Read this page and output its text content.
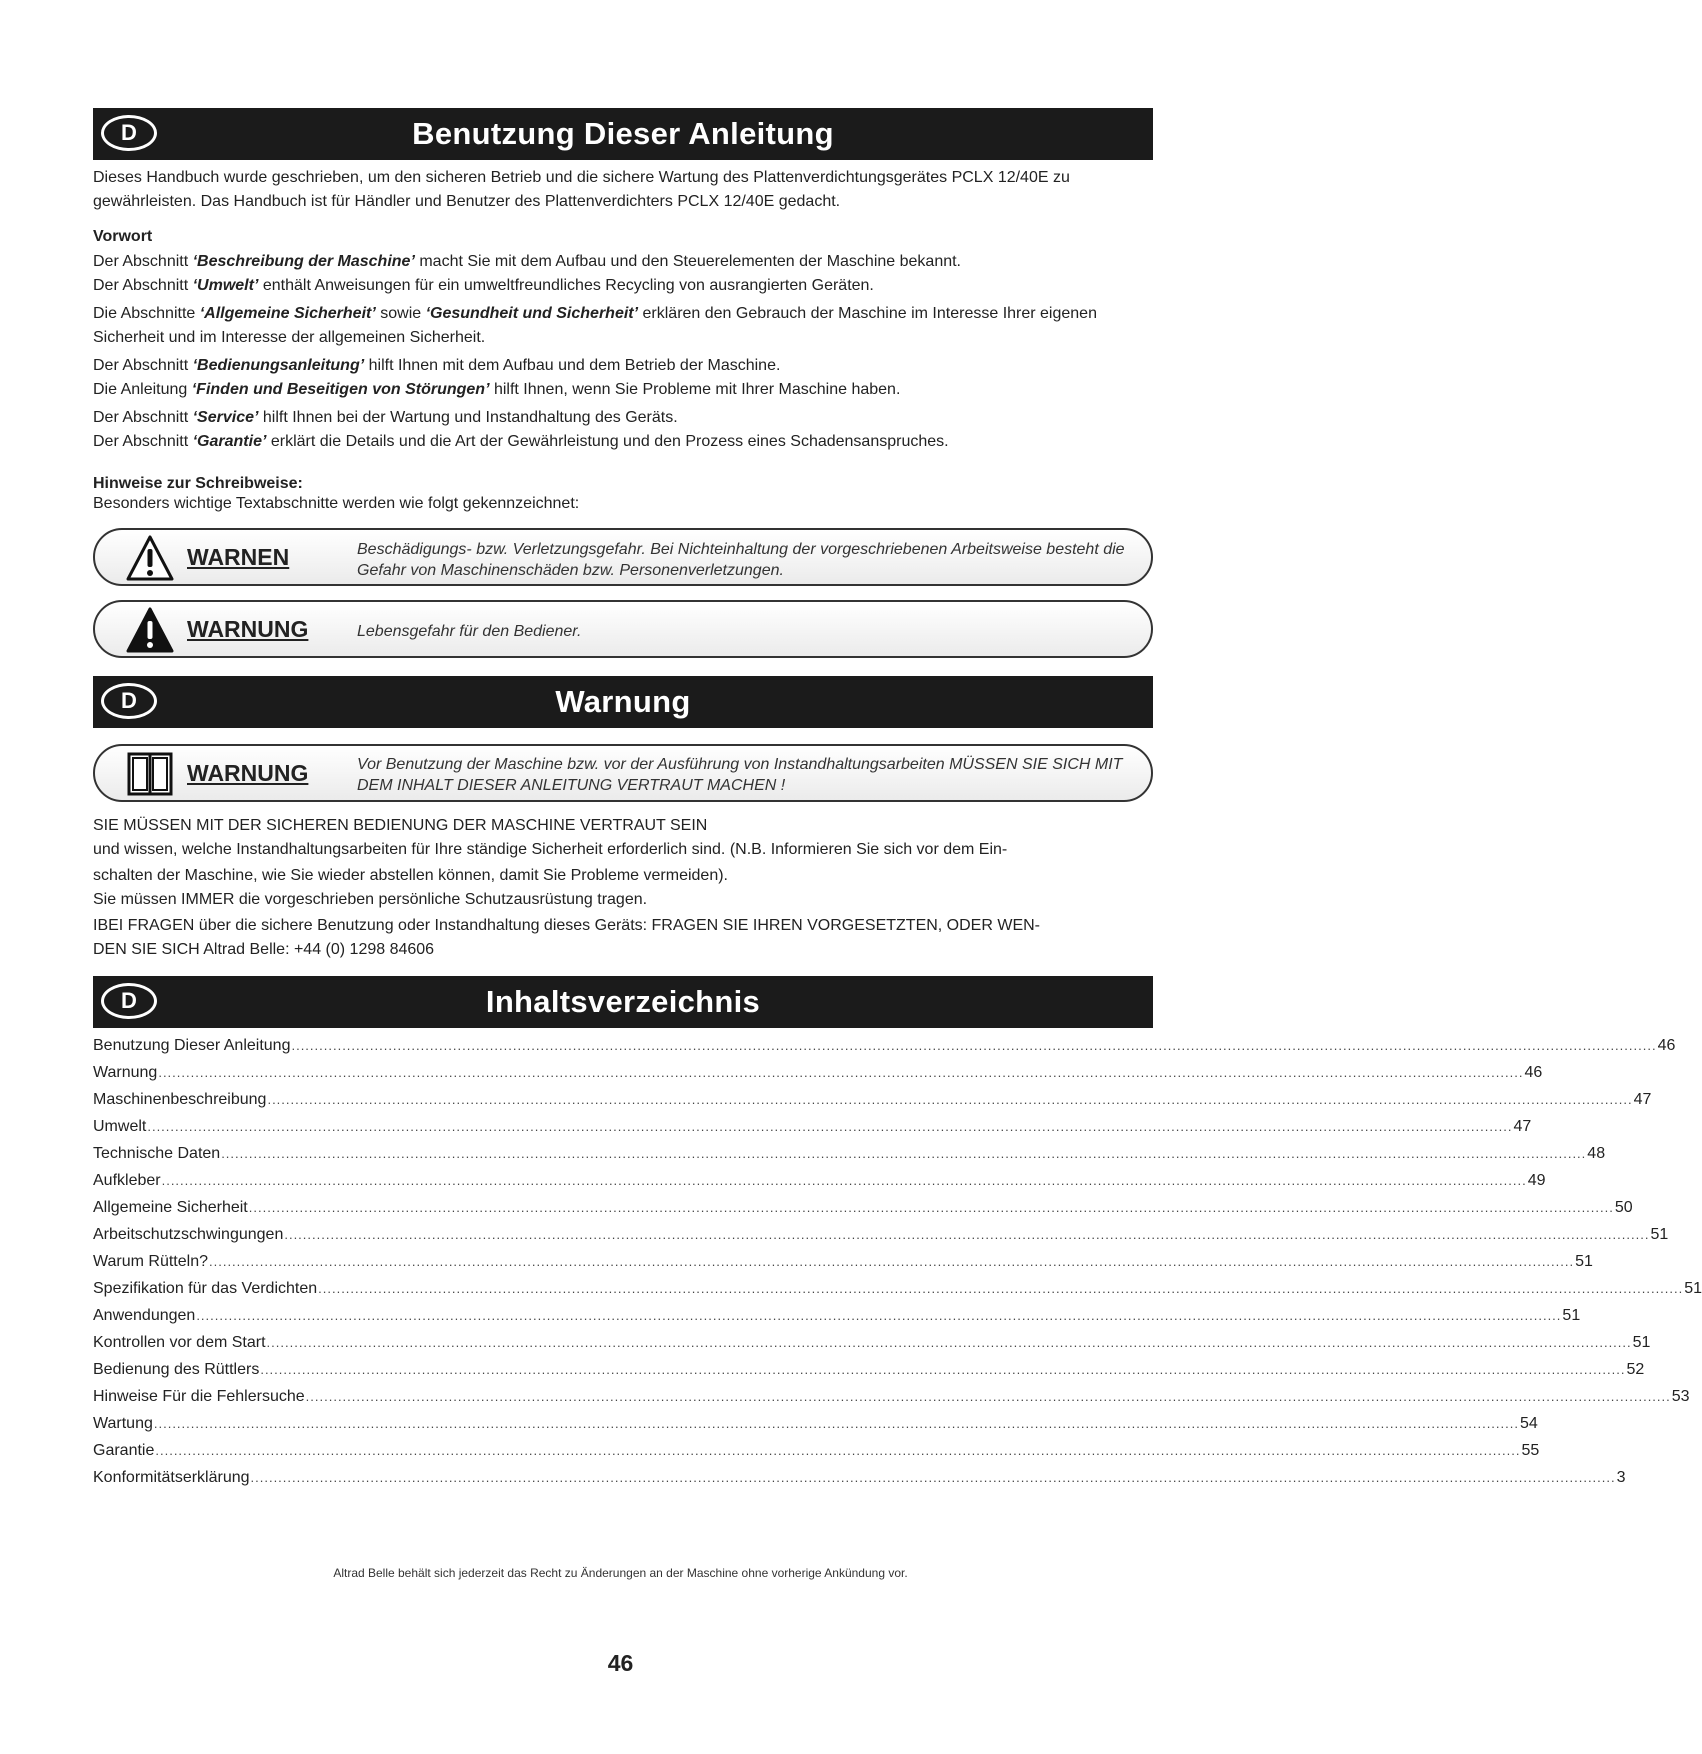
D	Benutzung Dieser Anleitung

Dieses Handbuch wurde geschrieben, um den sicheren Betrieb und die sichere Wartung des Plattenverdichtungsgerätes PCLX 12/40E zu gewährleisten. Das Handbuch ist für Händler und Benutzer des Plattenverdichters PCLX 12/40E gedacht.

Vorwort
Der Abschnitt ‘Beschreibung der Maschine’ macht Sie mit dem Aufbau und den Steuerelementen der Maschine bekannt.
Der Abschnitt ‘Umwelt’ enthält Anweisungen für ein umweltfreundliches Recycling von ausrangierten Geräten.
Die Abschnitte ‘Allgemeine Sicherheit’ sowie ‘Gesundheit und Sicherheit’ erklären den Gebrauch der Maschine im Interesse Ihrer eigenen Sicherheit und im Interesse der allgemeinen Sicherheit.
Der Abschnitt ‘Bedienungsanleitung’ hilft Ihnen mit dem Aufbau und dem Betrieb der Maschine.
Die Anleitung ‘Finden und Beseitigen von Störungen’ hilft Ihnen, wenn Sie Probleme mit Ihrer Maschine haben.
Der Abschnitt ‘Service’ hilft Ihnen bei der Wartung und Instandhaltung des Geräts.
Der Abschnitt ‘Garantie’ erklärt die Details und die Art der Gewährleistung und den Prozess eines Schadensanspruches.
Hinweise zur Schreibweise:
Besonders wichtige Textabschnitte werden wie folgt gekennzeichnet:
WARNEN	Beschädigungs- bzw. Verletzungsgefahr. Bei Nichteinhaltung der vorgeschriebenen Arbeitsweise besteht die Gefahr von Maschinenschäden bzw. Personenverletzungen.
WARNUNG	Lebensgefahr für den Bediener.
D	Warnung
WARNUNG	Vor Benutzung der Maschine bzw. vor der Ausführung von Instandhaltungsarbeiten MÜSSEN SIE SICH MIT DEM INHALT DIESER ANLEITUNG VERTRAUT MACHEN !
SIE MÜSSEN MIT DER SICHEREN BEDIENUNG DER MASCHINE VERTRAUT SEIN
und wissen, welche Instandhaltungsarbeiten für Ihre ständige Sicherheit erforderlich sind. (N.B. Informieren Sie sich vor dem Ein-
schalten der Maschine, wie Sie wieder abstellen können, damit Sie Probleme vermeiden).
Sie müssen IMMER die vorgeschrieben persönliche Schutzausrüstung tragen.
IBEI FRAGEN über die sichere Benutzung oder Instandhaltung dieses Geräts: FRAGEN SIE IHREN VORGESETZTEN, ODER WEN-
DEN SIE SICH Altrad Belle: +44 (0) 1298 84606
D	Inhaltsverzeichnis
Benutzung Dieser Anleitung ........................................................................................................................................................................................................................................................................................................ 46
Warnung ........................................................................................................................................................................................................................................................................................................ 46
Maschinenbeschreibung ........................................................................................................................................................................................................................................................................................................ 47
Umwelt ........................................................................................................................................................................................................................................................................................................ 47
Technische Daten ........................................................................................................................................................................................................................................................................................................ 48
Aufkleber ........................................................................................................................................................................................................................................................................................................ 49
Allgemeine Sicherheit ........................................................................................................................................................................................................................................................................................................ 50
Arbeitschutzschwingungen ........................................................................................................................................................................................................................................................................................................ 51
Warum Rütteln? ........................................................................................................................................................................................................................................................................................................ 51
Spezifikation für das Verdichten ........................................................................................................................................................................................................................................................................................................ 51
Anwendungen ........................................................................................................................................................................................................................................................................................................ 51
Kontrollen vor dem Start ........................................................................................................................................................................................................................................................................................................ 51
Bedienung des Rüttlers ........................................................................................................................................................................................................................................................................................................ 52
Hinweise Für die Fehlersuche ........................................................................................................................................................................................................................................................................................................ 53
Wartung ........................................................................................................................................................................................................................................................................................................ 54
Garantie ........................................................................................................................................................................................................................................................................................................ 55
Konformitätserklärung ........................................................................................................................................................................................................................................................................................................ 3
Altrad Belle behält sich jederzeit das Recht zu Änderungen an der Maschine ohne vorherige Ankündung vor.
46
